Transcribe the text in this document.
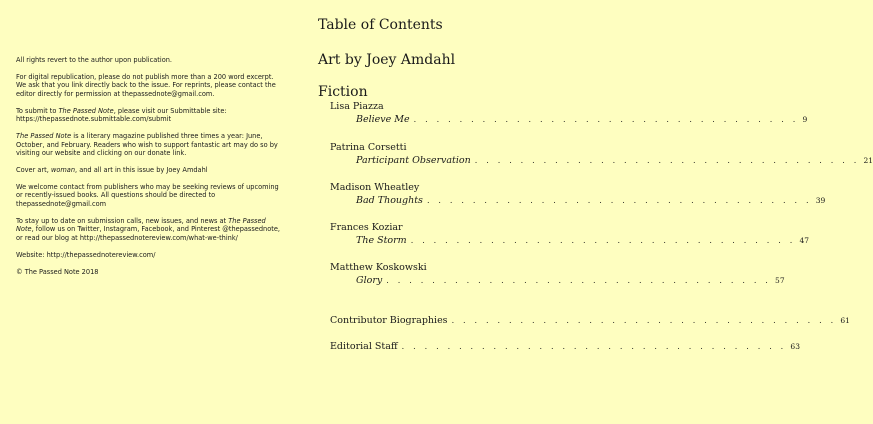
All rights revert to the author upon publication.

For digital republication, please do not publish more than a 200 word excerpt. We ask that you link directly back to the issue. For reprints, please contact the editor directly for permission at thepassednote@gmail.com.

To submit to The Passed Note, please visit our Submittable site: https://thepassednote.submittable.com/submit

The Passed Note is a literary magazine published three times a year: June, October, and February. Readers who wish to support fantastic art may do so by visiting our website and clicking on our donate link.

Cover art, woman, and all art in this issue by Joey Amdahl

We welcome contact from publishers who may be seeking reviews of upcoming or recently-issued books. All questions should be directed to thepassednote@gmail.com

To stay up to date on submission calls, new issues, and news at The Passed Note, follow us on Twitter, Instagram, Facebook, and Pinterest @thepassednote, or read our blog at http://thepassednotereview.com/what-we-think/

Website: http://thepassednotereview.com/

© The Passed Note 2018

Table of Contents
Art by Joey Amdahl
Fiction
Lisa Piazza
Believe Me . . . . . . . . . . . . . . . . . . . . . . . . . . . . . . . . . . 9
Patrina Corsetti
Participant Observation . . . . . . . . . . . . . . . . . . . . . . . . . . . . . . . . . . 21
Madison Wheatley
Bad Thoughts . . . . . . . . . . . . . . . . . . . . . . . . . . . . . . . . . . 39
Frances Koziar
The Storm . . . . . . . . . . . . . . . . . . . . . . . . . . . . . . . . . . 47
Matthew Koskowski
Glory . . . . . . . . . . . . . . . . . . . . . . . . . . . . . . . . . . 57
Contributor Biographies . . . . . . . . . . . . . . . . . . . . . . . . . . . . . . . . . . 61
Editorial Staff . . . . . . . . . . . . . . . . . . . . . . . . . . . . . . . . . . 63
